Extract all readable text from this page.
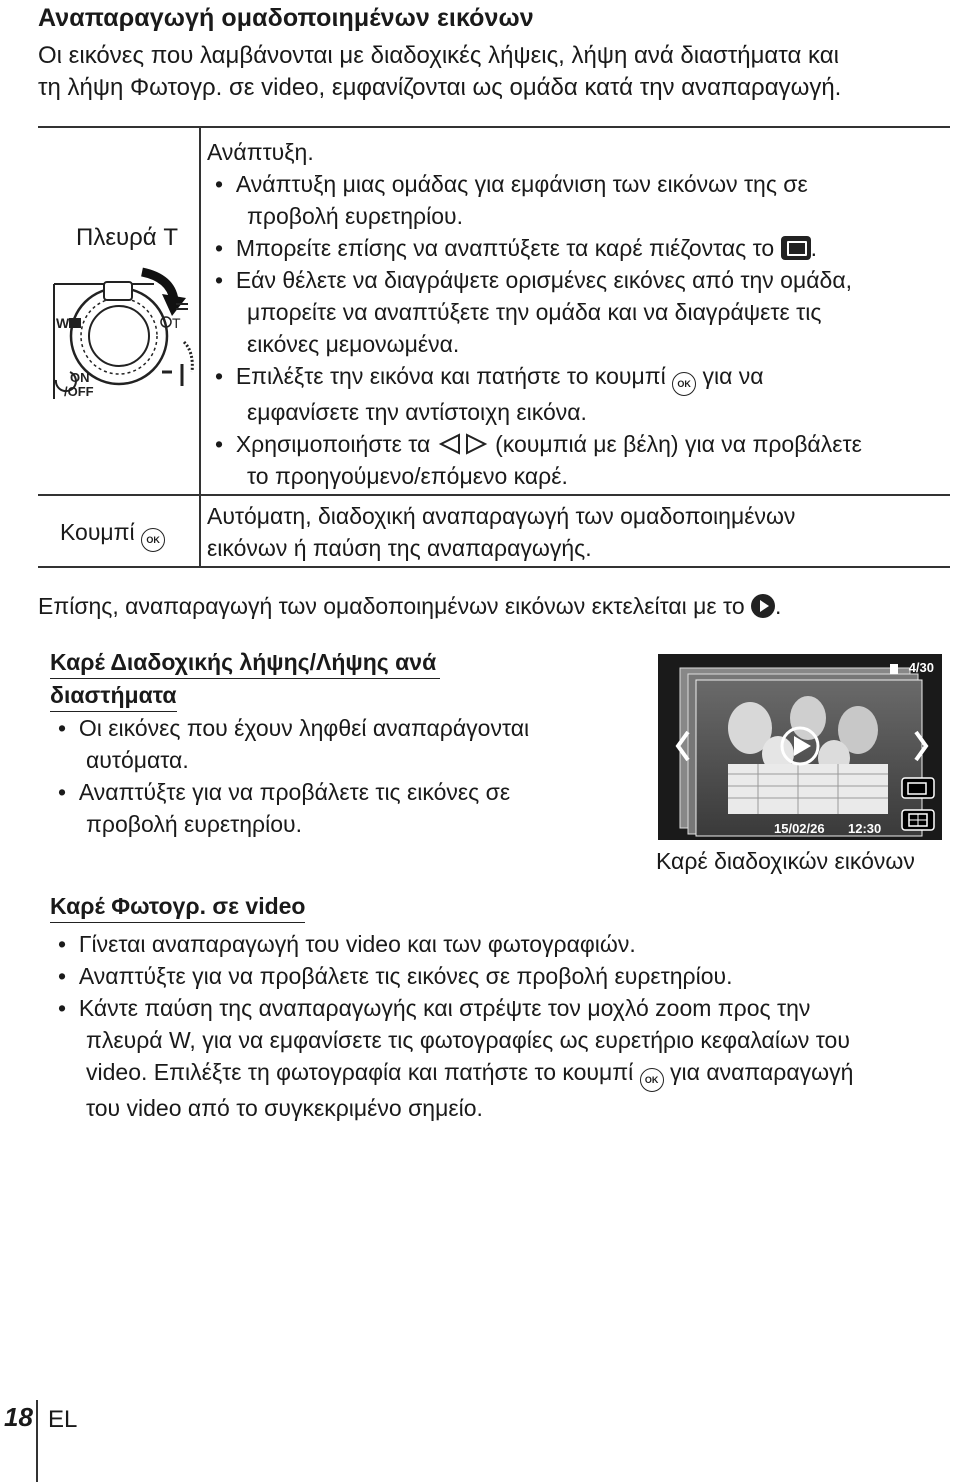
Αναπαραγωγή ομαδοποιημένων εικόνων
Οι εικόνες που λαμβάνονται με διαδοχικές λήψεις, λήψη ανά διαστήματα και
τη λήψη Φωτογρ. σε video, εμφανίζονται ως ομάδα κατά την αναπαραγωγή.
Πλευρά T
W	T
ON
/OFF
Ανάπτυξη.
•  Ανάπτυξη μιας ομάδας για εμφάνιση των εικόνων της σε
προβολή ευρετηρίου.
•  Μπορείτε επίσης να αναπτύξετε τα καρέ πιέζοντας το .
•  Εάν θέλετε να διαγράψετε ορισμένες εικόνες από την ομάδα,
μπορείτε να αναπτύξετε την ομάδα και να διαγράψετε τις
εικόνες μεμονωμένα.
•  Επιλέξτε την εικόνα και πατήστε το κουμπί OK για να
εμφανίσετε την αντίστοιχη εικόνα.
•  Χρησιμοποιήστε τα	(κουμπιά με βέλη) για να προβάλετε
το προηγούμενο/επόμενο καρέ.
Κουμπί OK
Αυτόματη, διαδοχική αναπαραγωγή των ομαδοποιημένων
εικόνων ή παύση της αναπαραγωγής.
Επίσης, αναπαραγωγή των ομαδοποιημένων εικόνων εκτελείται με το .
Καρέ Διαδοχικής λήψης/Λήψης ανά
διαστήματα
•  Οι εικόνες που έχουν ληφθεί αναπαράγονται
αυτόματα.
•  Αναπτύξτε για να προβάλετε τις εικόνες σε
προβολή ευρετηρίου.
4/30
15/02/26 12:30
Καρέ διαδοχικών εικόνων
Καρέ Φωτογρ. σε video
•  Γίνεται αναπαραγωγή του video και των φωτογραφιών.
•  Αναπτύξτε για να προβάλετε τις εικόνες σε προβολή ευρετηρίου.
•  Κάντε παύση της αναπαραγωγής και στρέψτε τον μοχλό zoom προς την
πλευρά W, για να εμφανίσετε τις φωτογραφίες ως ευρετήριο κεφαλαίων του
video. Επιλέξτε τη φωτογραφία και πατήστε το κουμπί OK για αναπαραγωγή
του video από το συγκεκριμένο σημείο.
18 EL
